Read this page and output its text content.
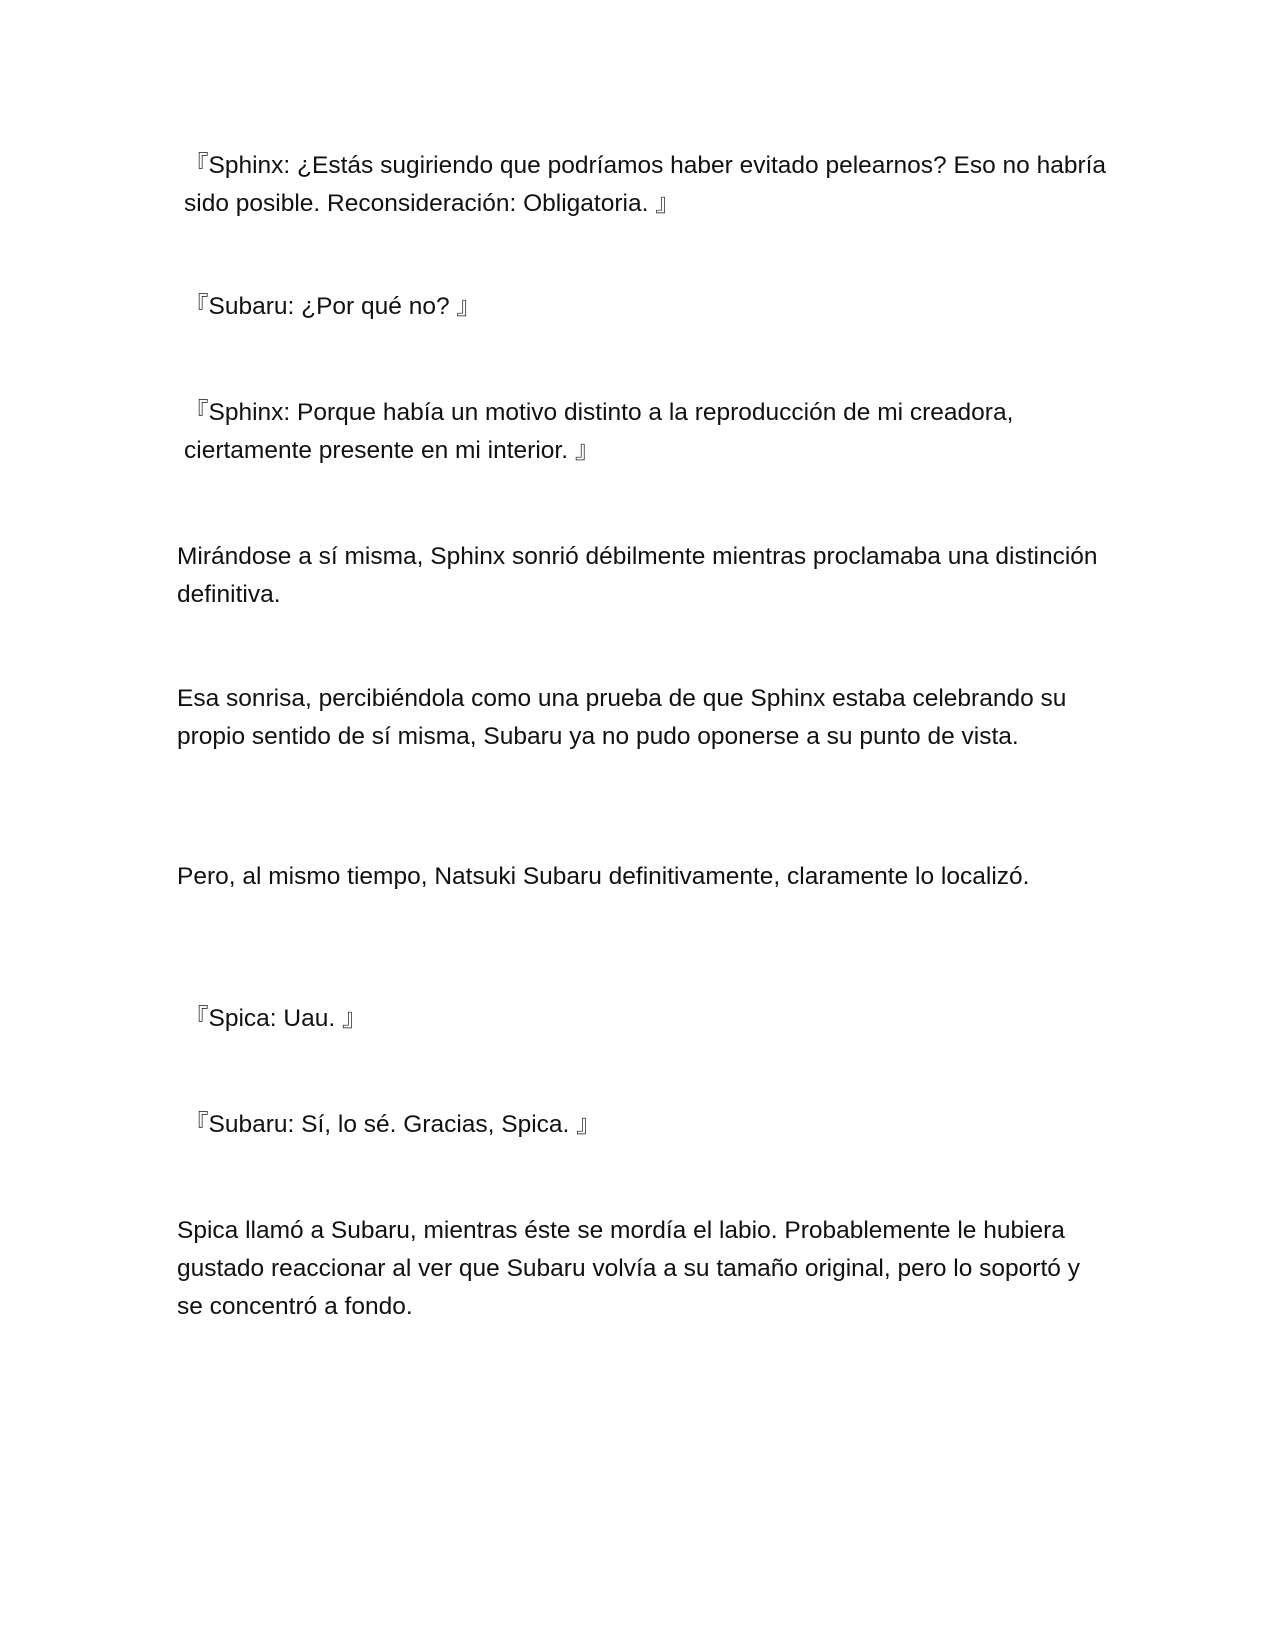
『Sphinx: ¿Estás sugiriendo que podríamos haber evitado pelearnos? Eso no habría sido posible. Reconsideración: Obligatoria. 』

『Subaru: ¿Por qué no? 』

『Sphinx: Porque había un motivo distinto a la reproducción de mi creadora, ciertamente presente en mi interior. 』

Mirándose a sí misma, Sphinx sonrió débilmente mientras proclamaba una distinción definitiva.

Esa sonrisa, percibiéndola como una prueba de que Sphinx estaba celebrando su propio sentido de sí misma, Subaru ya no pudo oponerse a su punto de vista.

Pero, al mismo tiempo, Natsuki Subaru definitivamente, claramente lo localizó.

『Spica: Uau. 』

『Subaru: Sí, lo sé. Gracias, Spica. 』

Spica llamó a Subaru, mientras éste se mordía el labio. Probablemente le hubiera gustado reaccionar al ver que Subaru volvía a su tamaño original, pero lo soportó y se concentró a fondo.
